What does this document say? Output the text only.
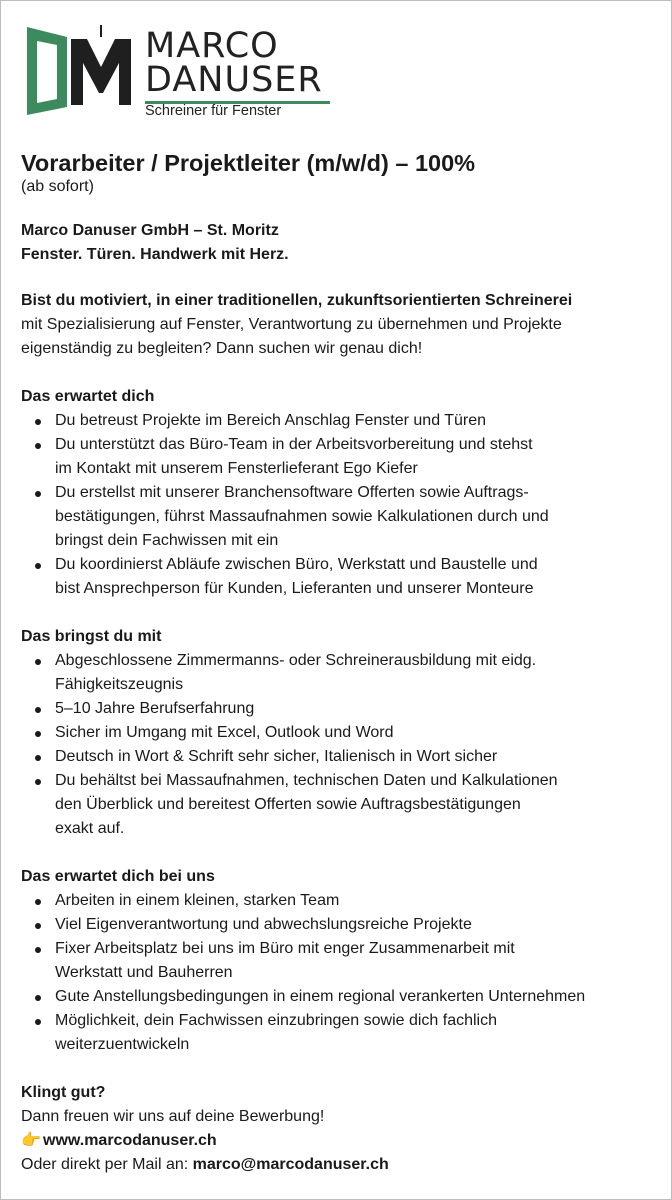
MARCO
DANUSER
Schreiner für Fenster
Vorarbeiter / Projektleiter (m/w/d) – 100%

(ab sofort)

Marco Danuser GmbH – St. Moritz

Fenster. Türen. Handwerk mit Herz.

Bist du motiviert, in einer traditionellen, zukunftsorientierten Schreinerei

mit Spezialisierung auf Fenster, Verantwortung zu übernehmen und Projekte

eigenständig zu begleiten? Dann suchen wir genau dich!

Das erwartet dich
Du betreust Projekte im Bereich Anschlag Fenster und Türen
Du unterstützt das Büro-Team in der Arbeitsvorbereitung und stehst
im Kontakt mit unserem Fensterlieferant Ego Kiefer
Du erstellst mit unserer Branchensoftware Offerten sowie Auftrags-
bestätigungen, führst Massaufnahmen sowie Kalkulationen durch und
bringst dein Fachwissen mit ein
Du koordinierst Abläufe zwischen Büro, Werkstatt und Baustelle und
bist Ansprechperson für Kunden, Lieferanten und unserer Monteure
Das bringst du mit
Abgeschlossene Zimmermanns- oder Schreinerausbildung mit eidg.
Fähigkeitszeugnis
5–10 Jahre Berufserfahrung
Sicher im Umgang mit Excel, Outlook und Word
Deutsch in Wort & Schrift sehr sicher, Italienisch in Wort sicher
Du behältst bei Massaufnahmen, technischen Daten und Kalkulationen
den Überblick und bereitest Offerten sowie Auftragsbestätigungen
exakt auf.
Das erwartet dich bei uns
Arbeiten in einem kleinen, starken Team
Viel Eigenverantwortung und abwechslungsreiche Projekte
Fixer Arbeitsplatz bei uns im Büro mit enger Zusammenarbeit mit
Werkstatt und Bauherren
Gute Anstellungsbedingungen in einem regional verankerten Unternehmen
Möglichkeit, dein Fachwissen einzubringen sowie dich fachlich
weiterzuentwickeln
Klingt gut?

Dann freuen wir uns auf deine Bewerbung!

👉 www.marcodanuser.ch

Oder direkt per Mail an: marco@marcodanuser.ch
